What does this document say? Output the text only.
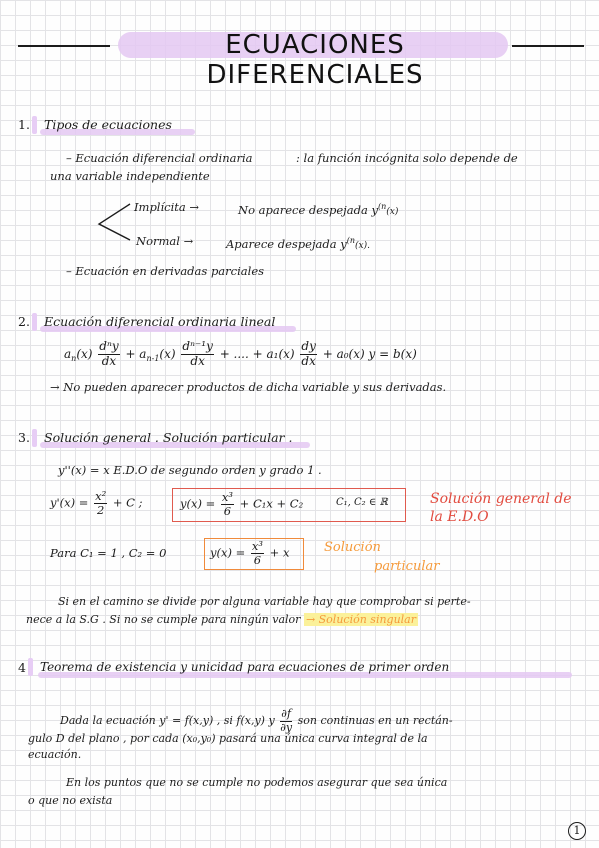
ECUACIONES DIFERENCIALES
1. Tipos de ecuaciones
– Ecuación diferencial ordinaria	: la función incógnita solo depende de
una variable independiente
Implícita →	No aparece despejada $y^{(n}(x)$
Normal →	Aparece despejada $y^{(n}(x)$.
– Ecuación en derivadas parciales
2. Ecuación diferencial ordinaria lineal
$a_n(x) \frac{\text{dⁿy}}{dx} + a_{n-1}(x) \frac{\text{dⁿ⁻¹y}}{dx}$ + .... + $a_1(x) \frac{dy}{dx} + a_0(x) y = b(x)$
→ No pueden aparecer productos de dicha variable y sus derivadas.
3. Solución general . Solución particular .
y''(x) = x E.D.O de segundo orden y grado 1 .
$y'(x) = \frac{\text{x²}}{2} + C$ ;	$y(x) = \frac{\text{x³}}{6} + C_1x + C_2$	C₁, C₂ ∈ ℝ	Solución general de
la E.D.O
Para C₁ = 1 , C₂ = 0	$y(x) = \frac{\text{x³}}{6} + x$	Solución
particular
Si en el camino se divide por alguna variable hay que comprobar si perte-
nece a la S.G . Si no se cumple para ningún valor → Solución singular
4 Teorema de existencia y unicidad para ecuaciones de primer orden
Dada la ecuación y' = f(x,y) , si f(x,y) y $\frac{\partial f}{\partial y}$ son continuas en un rectán-
gulo D del plano , por cada (x₀,y₀) pasará una única curva integral de la
ecuación.
En los puntos que no se cumple no podemos asegurar que sea única
o que no exista
1
